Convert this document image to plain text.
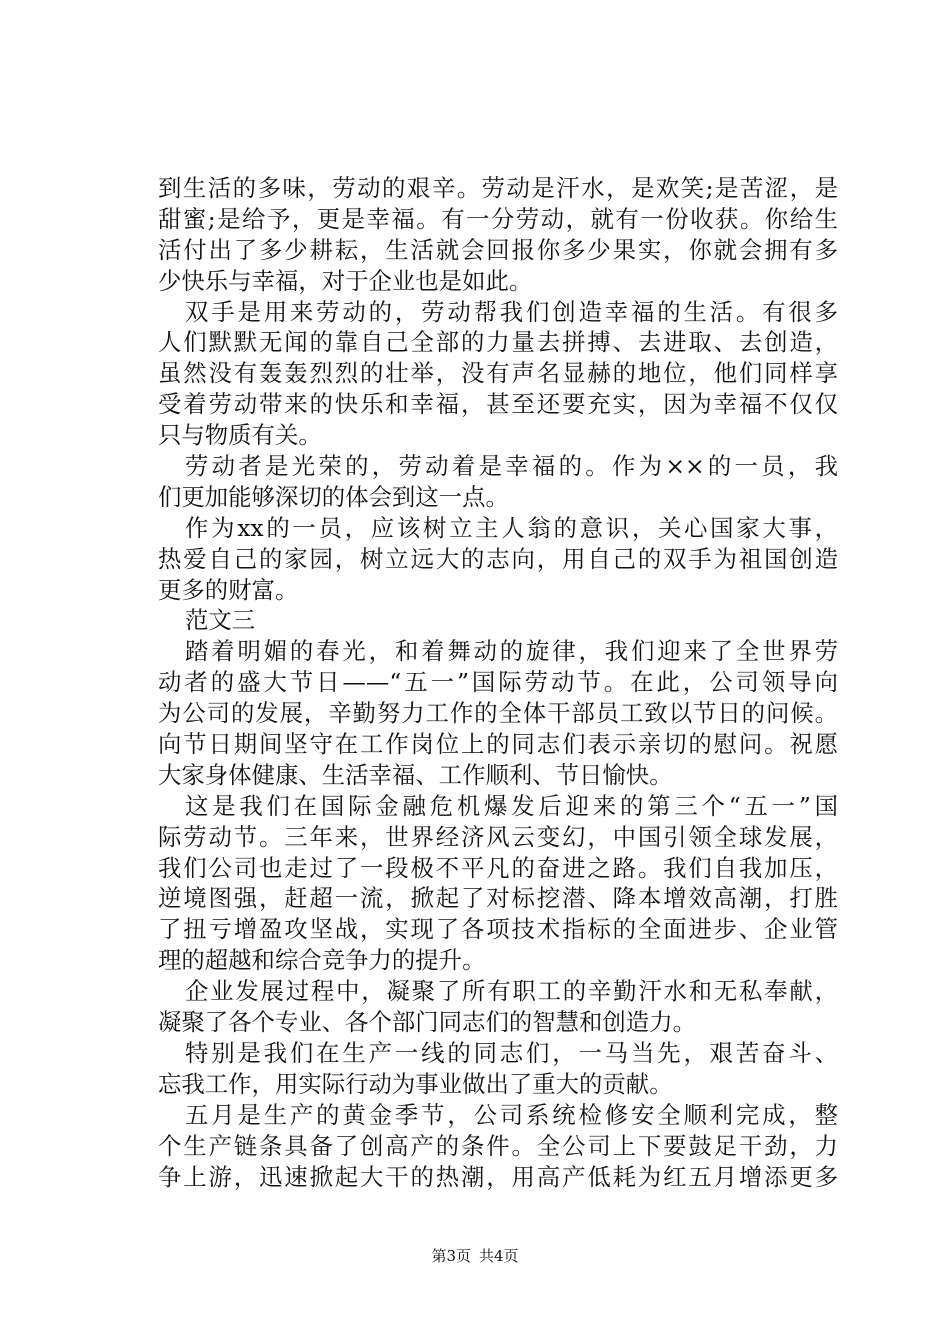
到生活的多味，劳动的艰辛。劳动是汗水，是欢笑;是苦涩，是
甜蜜;是给予，更是幸福。有一分劳动，就有一份收获。你给生
活付出了多少耕耘，生活就会回报你多少果实，你就会拥有多
少快乐与幸福，对于企业也是如此。
双手是用来劳动的，劳动帮我们创造幸福的生活。有很多
人们默默无闻的靠自己全部的力量去拼搏、去进取、去创造，
虽然没有轰轰烈烈的壮举，没有声名显赫的地位，他们同样享
受着劳动带来的快乐和幸福，甚至还要充实，因为幸福不仅仅
只与物质有关。
劳动者是光荣的，劳动着是幸福的。作为××的一员，我
们更加能够深切的体会到这一点。
作为xx的一员，应该树立主人翁的意识，关心国家大事，
热爱自己的家园，树立远大的志向，用自己的双手为祖国创造
更多的财富。
范文三
踏着明媚的春光，和着舞动的旋律，我们迎来了全世界劳
动者的盛大节日——“五一”国际劳动节。在此，公司领导向
为公司的发展，辛勤努力工作的全体干部员工致以节日的问候。
向节日期间坚守在工作岗位上的同志们表示亲切的慰问。祝愿
大家身体健康、生活幸福、工作顺利、节日愉快。
这是我们在国际金融危机爆发后迎来的第三个“五一”国
际劳动节。三年来，世界经济风云变幻，中国引领全球发展，
我们公司也走过了一段极不平凡的奋进之路。我们自我加压，
逆境图强，赶超一流，掀起了对标挖潜、降本增效高潮，打胜
了扭亏增盈攻坚战，实现了各项技术指标的全面进步、企业管
理的超越和综合竞争力的提升。
企业发展过程中，凝聚了所有职工的辛勤汗水和无私奉献，
凝聚了各个专业、各个部门同志们的智慧和创造力。
特别是我们在生产一线的同志们，一马当先，艰苦奋斗、
忘我工作，用实际行动为事业做出了重大的贡献。
五月是生产的黄金季节，公司系统检修安全顺利完成，整
个生产链条具备了创高产的条件。全公司上下要鼓足干劲，力
争上游，迅速掀起大干的热潮，用高产低耗为红五月增添更多
第3页 共4页
